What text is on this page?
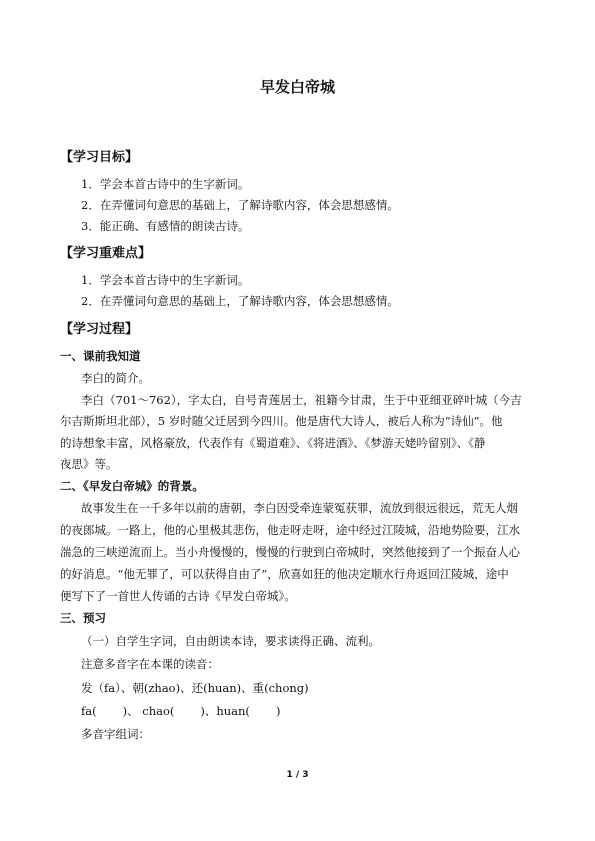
早发白帝城
【学习目标】
1．学会本首古诗中的生字新词。
2．在弄懂词句意思的基础上，了解诗歌内容，体会思想感情。
3．能正确、有感情的朗读古诗。
【学习重难点】
1．学会本首古诗中的生字新词。
2．在弄懂词句意思的基础上，了解诗歌内容，体会思想感情。
【学习过程】
一、课前我知道
李白的简介。
李白（701～762），字太白，自号青莲居士，祖籍今甘肃，生于中亚细亚碎叶城（今吉
尔吉斯斯坦北部），5 岁时随父迁居到今四川。他是唐代大诗人，被后人称为“诗仙”。他
的诗想象丰富，风格豪放，代表作有《蜀道难》、《将进酒》、《梦游天姥吟留别》、《静
夜思》等。
二、《早发白帝城》的背景。
故事发生在一千多年以前的唐朝，李白因受牵连蒙冤获罪，流放到很远很远，荒无人烟
的夜郎城。一路上，他的心里极其悲伤，他走呀走呀，途中经过江陵城，沿地势险要，江水
湍急的三峡逆流而上。当小舟慢慢的，慢慢的行驶到白帝城时，突然他接到了一个振奋人心
的好消息。“他无罪了，可以获得自由了”，欣喜如狂的他决定顺水行舟返回江陵城，途中
便写下了一首世人传诵的古诗《早发白帝城》。
三、预习
（一）自学生字词，自由朗读本诗，要求读得正确、流利。
注意多音字在本课的读音：
发（fa）、朝(zhao)、还(huan)、重(chong)
fa( )、 chao( )、huan( )
多音字组词：
1 / 3
